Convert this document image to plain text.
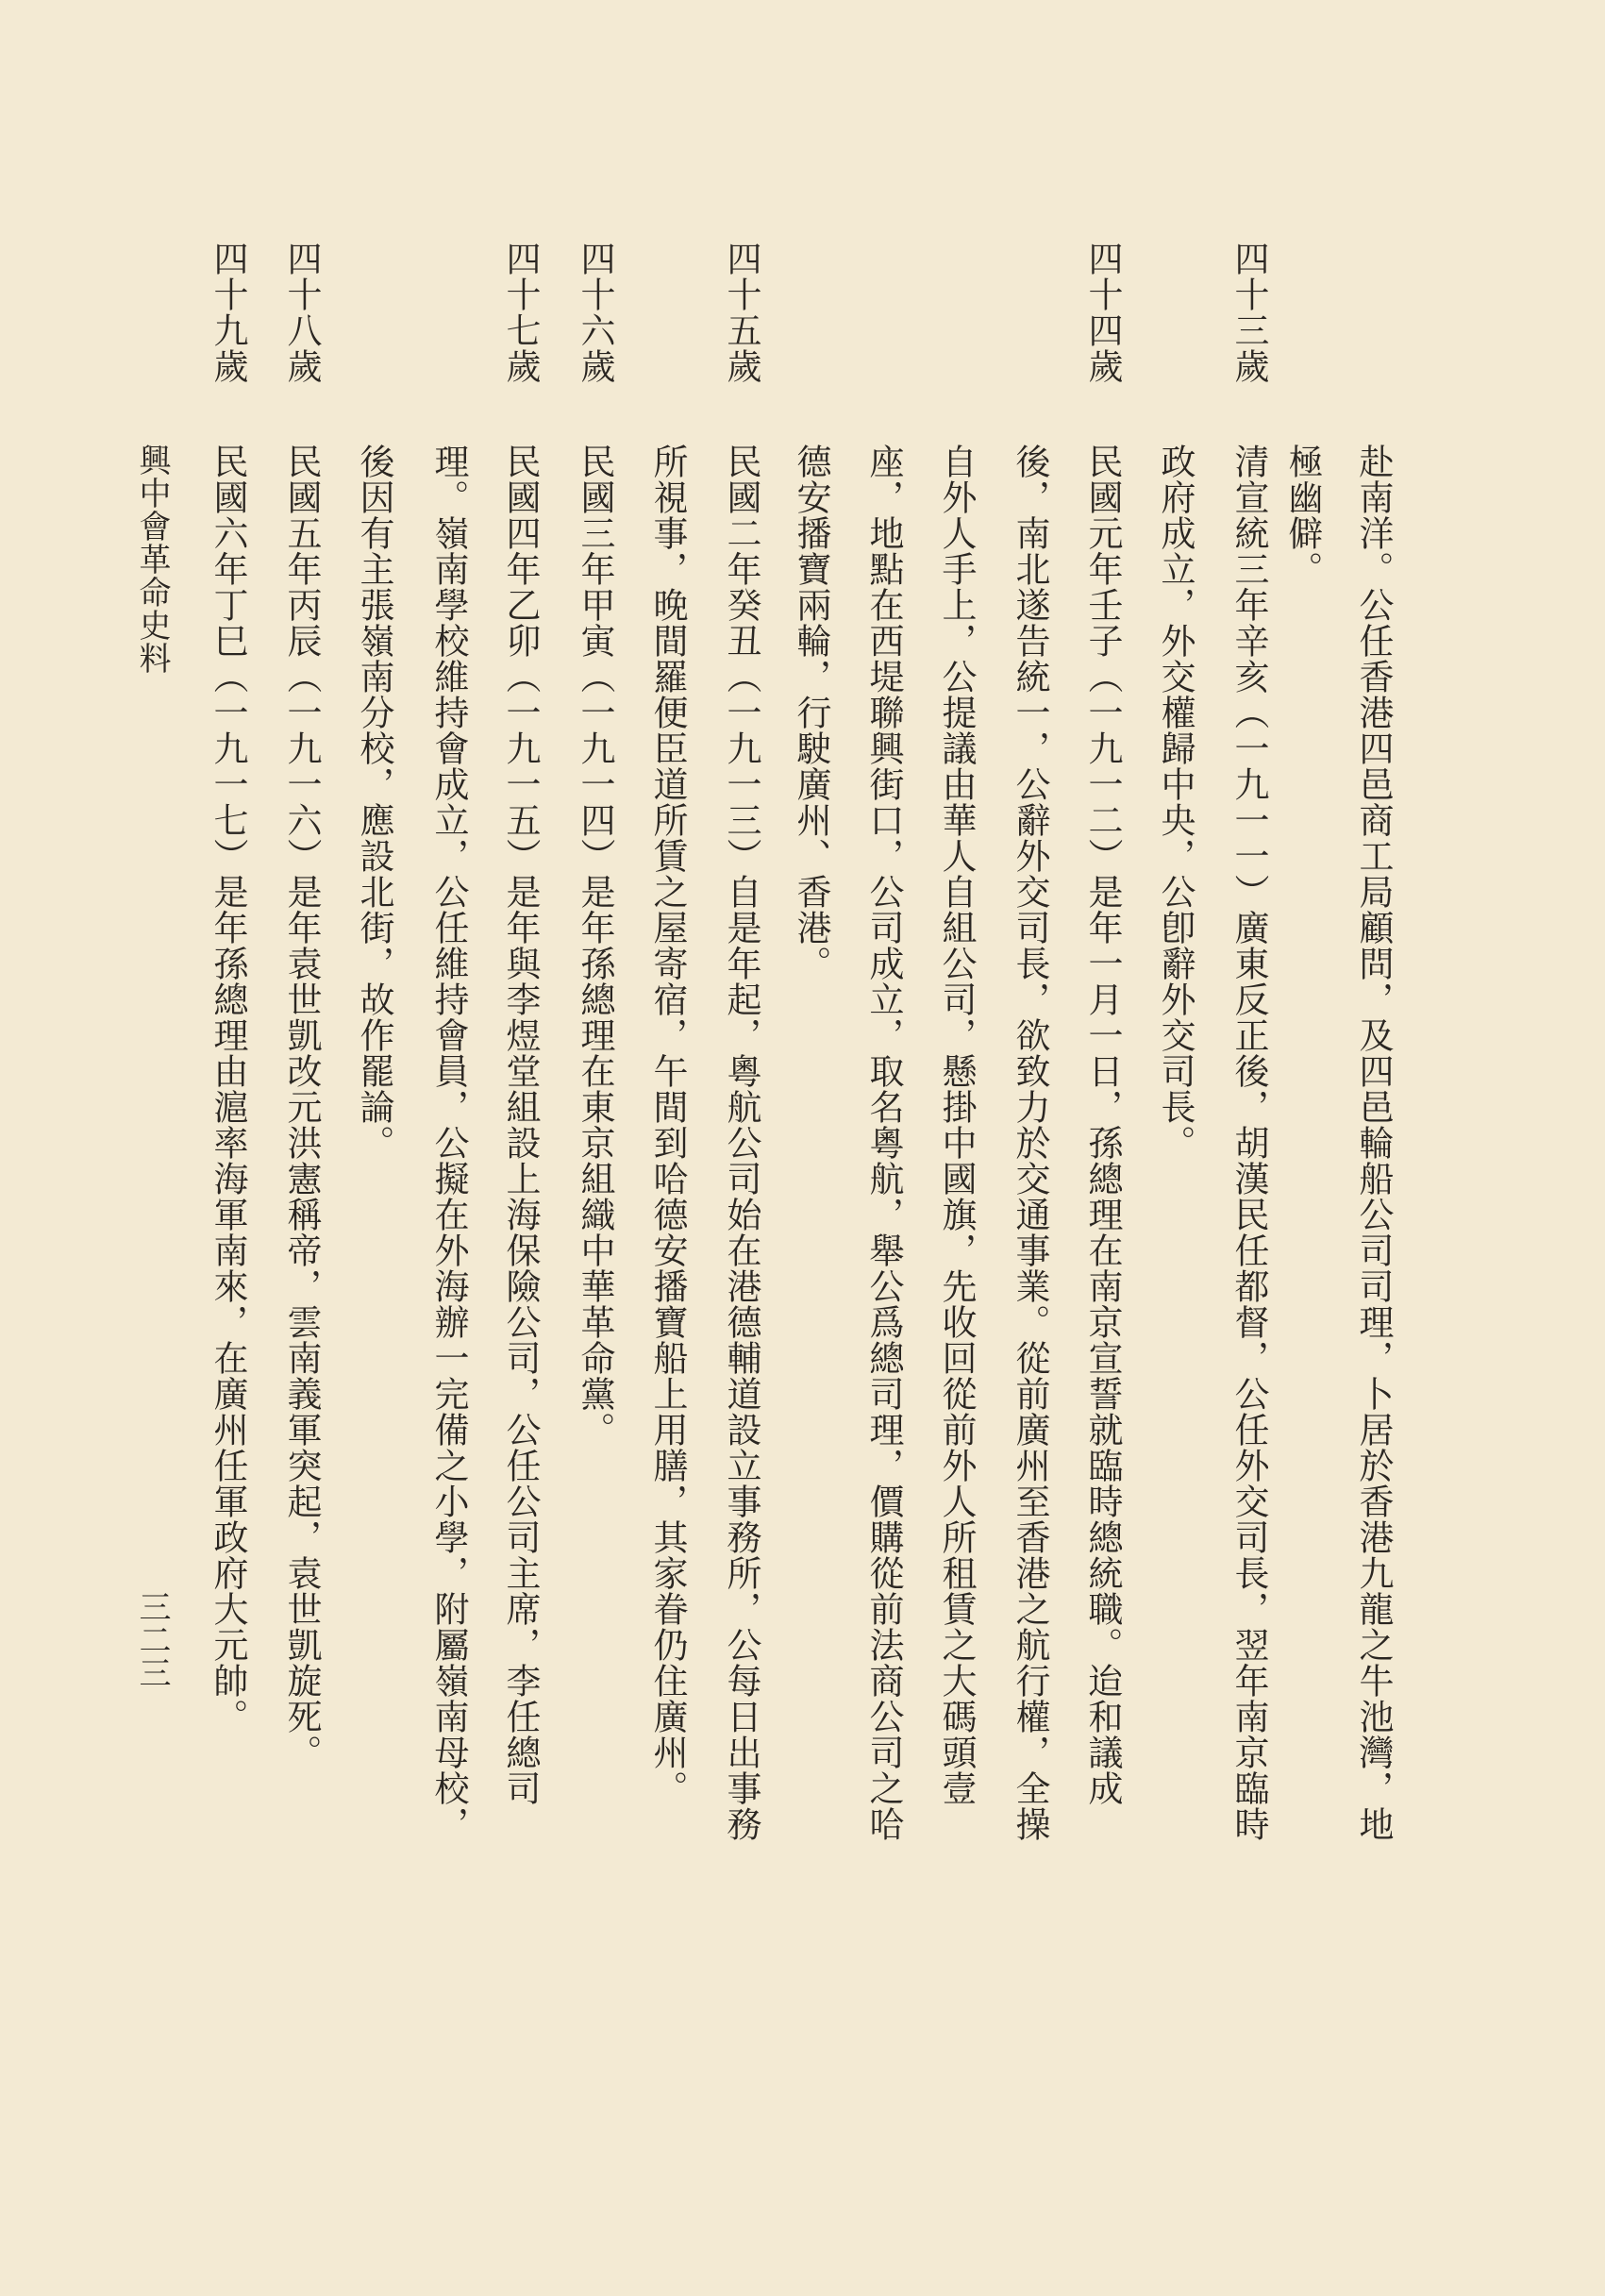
赴南洋。公任香港四邑商工局顧問，及四邑輪船公司司理，卜居於香港九龍之牛池灣，地
極幽僻。
四十三歲
清宣統三年辛亥（一九一一）廣東反正後，胡漢民任都督，公任外交司長，翌年南京臨時
政府成立，外交權歸中央，公卽辭外交司長。
四十四歲
民國元年壬子（一九一二）是年一月一日，孫總理在南京宣誓就臨時總統職。迨和議成
後，南北遂告統一，公辭外交司長，欲致力於交通事業。從前廣州至香港之航行權，全操
自外人手上，公提議由華人自組公司，懸掛中國旗，先收回從前外人所租賃之大碼頭壹
座，地點在西堤聯興街口，公司成立，取名粵航，舉公爲總司理，價購從前法商公司之哈
德安播寶兩輪，行駛廣州、香港。
四十五歲
民國二年癸丑（一九一三）自是年起，粵航公司始在港德輔道設立事務所，公每日出事務
所視事，晚間羅便臣道所賃之屋寄宿，午間到哈德安播寶船上用膳，其家眷仍住廣州。
四十六歲
民國三年甲寅（一九一四）是年孫總理在東京組織中華革命黨。
四十七歲
民國四年乙卯（一九一五）是年與李煜堂組設上海保險公司，公任公司主席，李任總司
理。嶺南學校維持會成立，公任維持會員，公擬在外海辦一完備之小學，附屬嶺南母校，
後因有主張嶺南分校，應設北街，故作罷論。
四十八歲
民國五年丙辰（一九一六）是年袁世凱改元洪憲稱帝，雲南義軍突起，袁世凱旋死。
四十九歲
民國六年丁巳（一九一七）是年孫總理由滬率海軍南來，在廣州任軍政府大元帥。
興中會革命史料
三二三
